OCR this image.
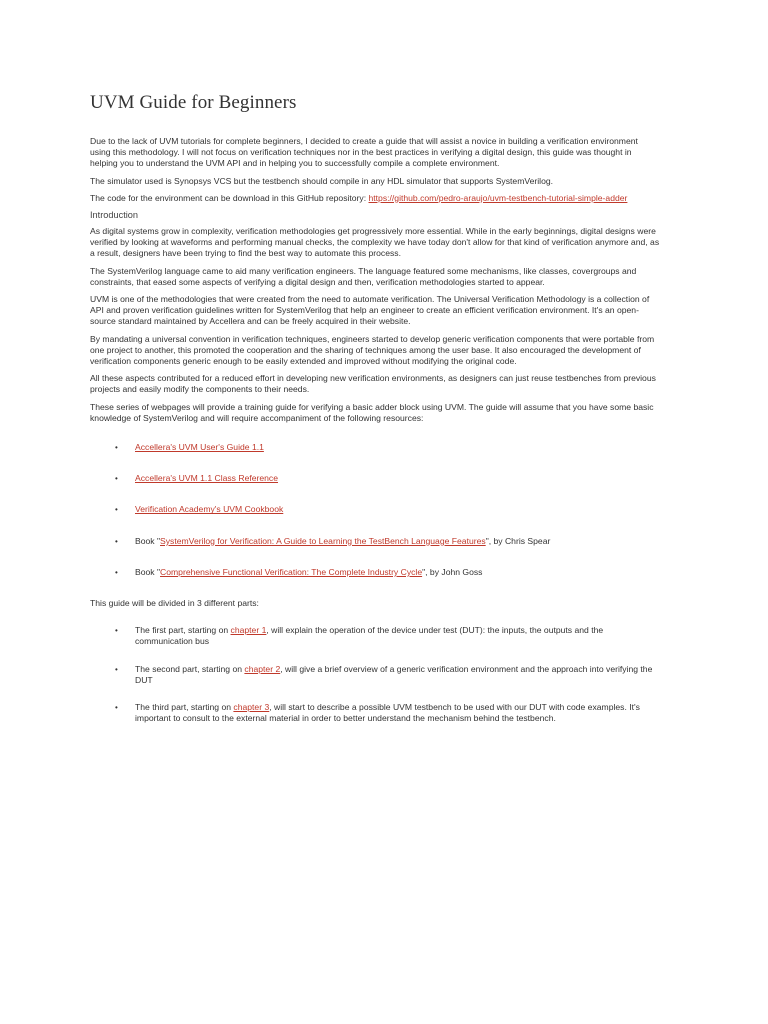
UVM Guide for Beginners

Due to the lack of UVM tutorials for complete beginners, I decided to create a guide that will assist a novice in building a verification environment using this methodology. I will not focus on verification techniques nor in the best practices in verifying a digital design, this guide was thought in helping you to understand the UVM API and in helping you to successfully compile a complete environment.

The simulator used is Synopsys VCS but the testbench should compile in any HDL simulator that supports SystemVerilog.

The code for the environment can be download in this GitHub repository: https://github.com/pedro-araujo/uvm-testbench-tutorial-simple-adder

Introduction

As digital systems grow in complexity, verification methodologies get progressively more essential. While in the early beginnings, digital designs were verified by looking at waveforms and performing manual checks, the complexity we have today don't allow for that kind of verification anymore and, as a result, designers have been trying to find the best way to automate this process.

The SystemVerilog language came to aid many verification engineers. The language featured some mechanisms, like classes, covergroups and constraints, that eased some aspects of verifying a digital design and then, verification methodologies started to appear.

UVM is one of the methodologies that were created from the need to automate verification. The Universal Verification Methodology is a collection of API and proven verification guidelines written for SystemVerilog that help an engineer to create an efficient verification environment. It's an open-source standard maintained by Accellera and can be freely acquired in their website.

By mandating a universal convention in verification techniques, engineers started to develop generic verification components that were portable from one project to another, this promoted the cooperation and the sharing of techniques among the user base. It also encouraged the development of verification components generic enough to be easily extended and improved without modifying the original code.

All these aspects contributed for a reduced effort in developing new verification environments, as designers can just reuse testbenches from previous projects and easily modify the components to their needs.

These series of webpages will provide a training guide for verifying a basic adder block using UVM. The guide will assume that you have some basic knowledge of SystemVerilog and will require accompaniment of the following resources:

• Accellera's UVM User's Guide 1.1
• Accellera's UVM 1.1 Class Reference
• Verification Academy's UVM Cookbook
• Book "SystemVerilog for Verification: A Guide to Learning the TestBench Language Features", by Chris Spear
• Book "Comprehensive Functional Verification: The Complete Industry Cycle", by John Goss

This guide will be divided in 3 different parts:

• The first part, starting on chapter 1, will explain the operation of the device under test (DUT): the inputs, the outputs and the communication bus
• The second part, starting on chapter 2, will give a brief overview of a generic verification environment and the approach into verifying the DUT
• The third part, starting on chapter 3, will start to describe a possible UVM testbench to be used with our DUT with code examples. It's important to consult to the external material in order to better understand the mechanism behind the testbench.
